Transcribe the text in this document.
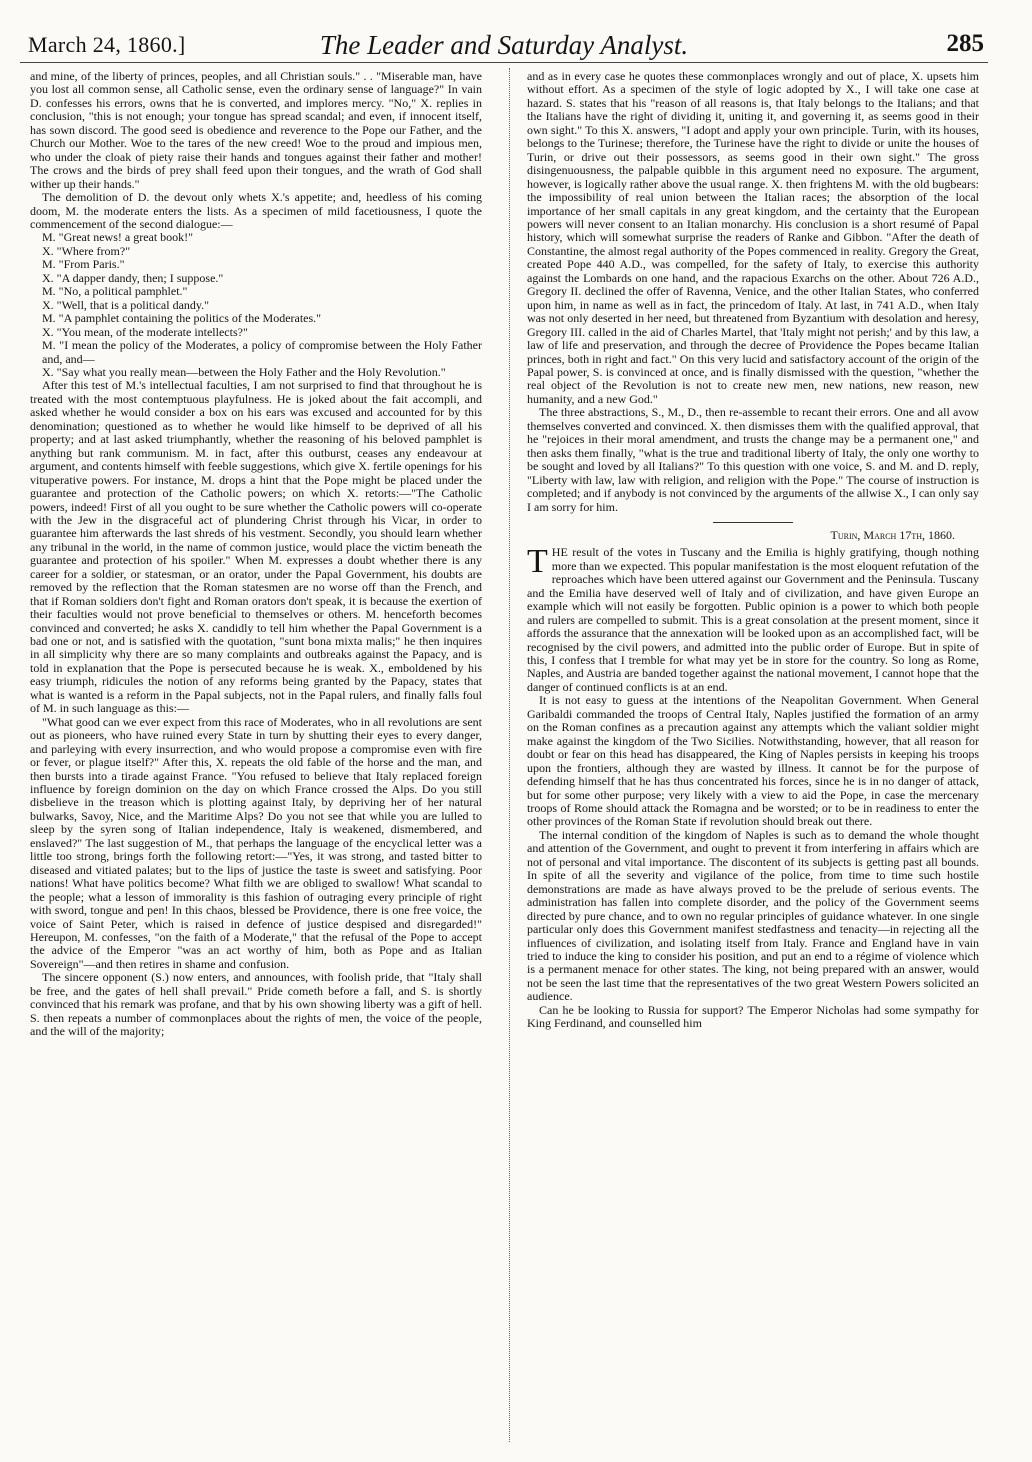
March 24, 1860.]	The Leader and Saturday Analyst.	285

and mine, of the liberty of princes, peoples, and all Christian souls." . . "Miserable man, have you lost all common sense, all Catholic sense, even the ordinary sense of language?" In vain D. confesses his errors, owns that he is converted, and implores mercy. "No," X. replies in conclusion, "this is not enough; your tongue has spread scandal; and even, if innocent itself, has sown discord. The good seed is obedience and reverence to the Pope our Father, and the Church our Mother. Woe to the tares of the new creed! Woe to the proud and impious men, who under the cloak of piety raise their hands and tongues against their father and mother! The crows and the birds of prey shall feed upon their tongues, and the wrath of God shall wither up their hands."

The demolition of D. the devout only whets X.'s appetite; and, heedless of his coming doom, M. the moderate enters the lists. As a specimen of mild facetiousness, I quote the commencement of the second dialogue:—

M. "Great news! a great book!"
X. "Where from?"
M. "From Paris."
X. "A dapper dandy, then; I suppose."
M. "No, a political pamphlet."
X. "Well, that is a political dandy."
M. "A pamphlet containing the politics of the Moderates."
X. "You mean, of the moderate intellects?"
M. "I mean the policy of the Moderates, a policy of compromise between the Holy Father and, and—
X. "Say what you really mean—between the Holy Father and the Holy Revolution."

After this test of M.'s intellectual faculties, I am not surprised to find that throughout he is treated with the most contemptuous playfulness. He is joked about the fait accompli, and asked whether he would consider a box on his ears was excused and accounted for by this denomination; questioned as to whether he would like himself to be deprived of all his property; and at last asked triumphantly, whether the reasoning of his beloved pamphlet is anything but rank communism. M. in fact, after this outburst, ceases any endeavour at argument, and contents himself with feeble suggestions, which give X. fertile openings for his vituperative powers. For instance, M. drops a hint that the Pope might be placed under the guarantee and protection of the Catholic powers; on which X. retorts:—"The Catholic powers, indeed! First of all you ought to be sure whether the Catholic powers will co-operate with the Jew in the disgraceful act of plundering Christ through his Vicar, in order to guarantee him afterwards the last shreds of his vestment. Secondly, you should learn whether any tribunal in the world, in the name of common justice, would place the victim beneath the guarantee and protection of his spoiler." When M. expresses a doubt whether there is any career for a soldier, or statesman, or an orator, under the Papal Government, his doubts are removed by the reflection that the Roman statesmen are no worse off than the French, and that if Roman soldiers don't fight and Roman orators don't speak, it is because the exertion of their faculties would not prove beneficial to themselves or others. M. henceforth becomes convinced and converted; he asks X. candidly to tell him whether the Papal Government is a bad one or not, and is satisfied with the quotation, "sunt bona mixta malis;" he then inquires in all simplicity why there are so many complaints and outbreaks against the Papacy, and is told in explanation that the Pope is persecuted because he is weak. X., emboldened by his easy triumph, ridicules the notion of any reforms being granted by the Papacy, states that what is wanted is a reform in the Papal subjects, not in the Papal rulers, and finally falls foul of M. in such language as this:—

"What good can we ever expect from this race of Moderates, who in all revolutions are sent out as pioneers, who have ruined every State in turn by shutting their eyes to every danger, and parleying with every insurrection, and who would propose a compromise even with fire or fever, or plague itself?" After this, X. repeats the old fable of the horse and the man, and then bursts into a tirade against France. "You refused to believe that Italy replaced foreign influence by foreign dominion on the day on which France crossed the Alps. Do you still disbelieve in the treason which is plotting against Italy, by depriving her of her natural bulwarks, Savoy, Nice, and the Maritime Alps? Do you not see that while you are lulled to sleep by the syren song of Italian independence, Italy is weakened, dismembered, and enslaved?" The last suggestion of M., that perhaps the language of the encyclical letter was a little too strong, brings forth the following retort:—"Yes, it was strong, and tasted bitter to diseased and vitiated palates; but to the lips of justice the taste is sweet and satisfying. Poor nations! What have politics become? What filth we are obliged to swallow! What scandal to the people; what a lesson of immorality is this fashion of outraging every principle of right with sword, tongue and pen! In this chaos, blessed be Providence, there is one free voice, the voice of Saint Peter, which is raised in defence of justice despised and disregarded!" Hereupon, M. confesses, "on the faith of a Moderate," that the refusal of the Pope to accept the advice of the Emperor "was an act worthy of him, both as Pope and as Italian Sovereign"—and then retires in shame and confusion.

The sincere opponent (S.) now enters, and announces, with foolish pride, that "Italy shall be free, and the gates of hell shall prevail." Pride cometh before a fall, and S. is shortly convinced that his remark was profane, and that by his own showing liberty was a gift of hell. S. then repeats a number of commonplaces about the rights of men, the voice of the people, and the will of the majority;

and as in every case he quotes these commonplaces wrongly and out of place, X. upsets him without effort. As a specimen of the style of logic adopted by X., I will take one case at hazard. S. states that his "reason of all reasons is, that Italy belongs to the Italians; and that the Italians have the right of dividing it, uniting it, and governing it, as seems good in their own sight." To this X. answers, "I adopt and apply your own principle. Turin, with its houses, belongs to the Turinese; therefore, the Turinese have the right to divide or unite the houses of Turin, or drive out their possessors, as seems good in their own sight." The gross disingenuousness, the palpable quibble in this argument need no exposure. The argument, however, is logically rather above the usual range. X. then frightens M. with the old bugbears: the impossibility of real union between the Italian races; the absorption of the local importance of her small capitals in any great kingdom, and the certainty that the European powers will never consent to an Italian monarchy. His conclusion is a short resumé of Papal history, which will somewhat surprise the readers of Ranke and Gibbon. "After the death of Constantine, the almost regal authority of the Popes commenced in reality. Gregory the Great, created Pope 440 A.D., was compelled, for the safety of Italy, to exercise this authority against the Lombards on one hand, and the rapacious Exarchs on the other. About 726 A.D., Gregory II. declined the offer of Ravenna, Venice, and the other Italian States, who conferred upon him, in name as well as in fact, the princedom of Italy. At last, in 741 A.D., when Italy was not only deserted in her need, but threatened from Byzantium with desolation and heresy, Gregory III. called in the aid of Charles Martel, that 'Italy might not perish;' and by this law, a law of life and preservation, and through the decree of Providence the Popes became Italian princes, both in right and fact." On this very lucid and satisfactory account of the origin of the Papal power, S. is convinced at once, and is finally dismissed with the question, "whether the real object of the Revolution is not to create new men, new nations, new reason, new humanity, and a new God."

The three abstractions, S., M., D., then re-assemble to recant their errors. One and all avow themselves converted and convinced. X. then dismisses them with the qualified approval, that he "rejoices in their moral amendment, and trusts the change may be a permanent one," and then asks them finally, "what is the true and traditional liberty of Italy, the only one worthy to be sought and loved by all Italians?" To this question with one voice, S. and M. and D. reply, "Liberty with law, law with religion, and religion with the Pope." The course of instruction is completed; and if anybody is not convinced by the arguments of the allwise X., I can only say I am sorry for him.

Turin, March 17th, 1860.

THE result of the votes in Tuscany and the Emilia is highly gratifying, though nothing more than we expected. This popular manifestation is the most eloquent refutation of the reproaches which have been uttered against our Government and the Peninsula. Tuscany and the Emilia have deserved well of Italy and of civilization, and have given Europe an example which will not easily be forgotten. Public opinion is a power to which both people and rulers are compelled to submit. This is a great consolation at the present moment, since it affords the assurance that the annexation will be looked upon as an accomplished fact, will be recognised by the civil powers, and admitted into the public order of Europe. But in spite of this, I confess that I tremble for what may yet be in store for the country. So long as Rome, Naples, and Austria are banded together against the national movement, I cannot hope that the danger of continued conflicts is at an end.

It is not easy to guess at the intentions of the Neapolitan Government. When General Garibaldi commanded the troops of Central Italy, Naples justified the formation of an army on the Roman confines as a precaution against any attempts which the valiant soldier might make against the kingdom of the Two Sicilies. Notwithstanding, however, that all reason for doubt or fear on this head has disappeared, the King of Naples persists in keeping his troops upon the frontiers, although they are wasted by illness. It cannot be for the purpose of defending himself that he has thus concentrated his forces, since he is in no danger of attack, but for some other purpose; very likely with a view to aid the Pope, in case the mercenary troops of Rome should attack the Romagna and be worsted; or to be in readiness to enter the other provinces of the Roman State if revolution should break out there.

The internal condition of the kingdom of Naples is such as to demand the whole thought and attention of the Government, and ought to prevent it from interfering in affairs which are not of personal and vital importance. The discontent of its subjects is getting past all bounds. In spite of all the severity and vigilance of the police, from time to time such hostile demonstrations are made as have always proved to be the prelude of serious events. The administration has fallen into complete disorder, and the policy of the Government seems directed by pure chance, and to own no regular principles of guidance whatever. In one single particular only does this Government manifest stedfastness and tenacity—in rejecting all the influences of civilization, and isolating itself from Italy. France and England have in vain tried to induce the king to consider his position, and put an end to a régime of violence which is a permanent menace for other states. The king, not being prepared with an answer, would not be seen the last time that the representatives of the two great Western Powers solicited an audience.

Can he be looking to Russia for support? The Emperor Nicholas had some sympathy for King Ferdinand, and counselled him
